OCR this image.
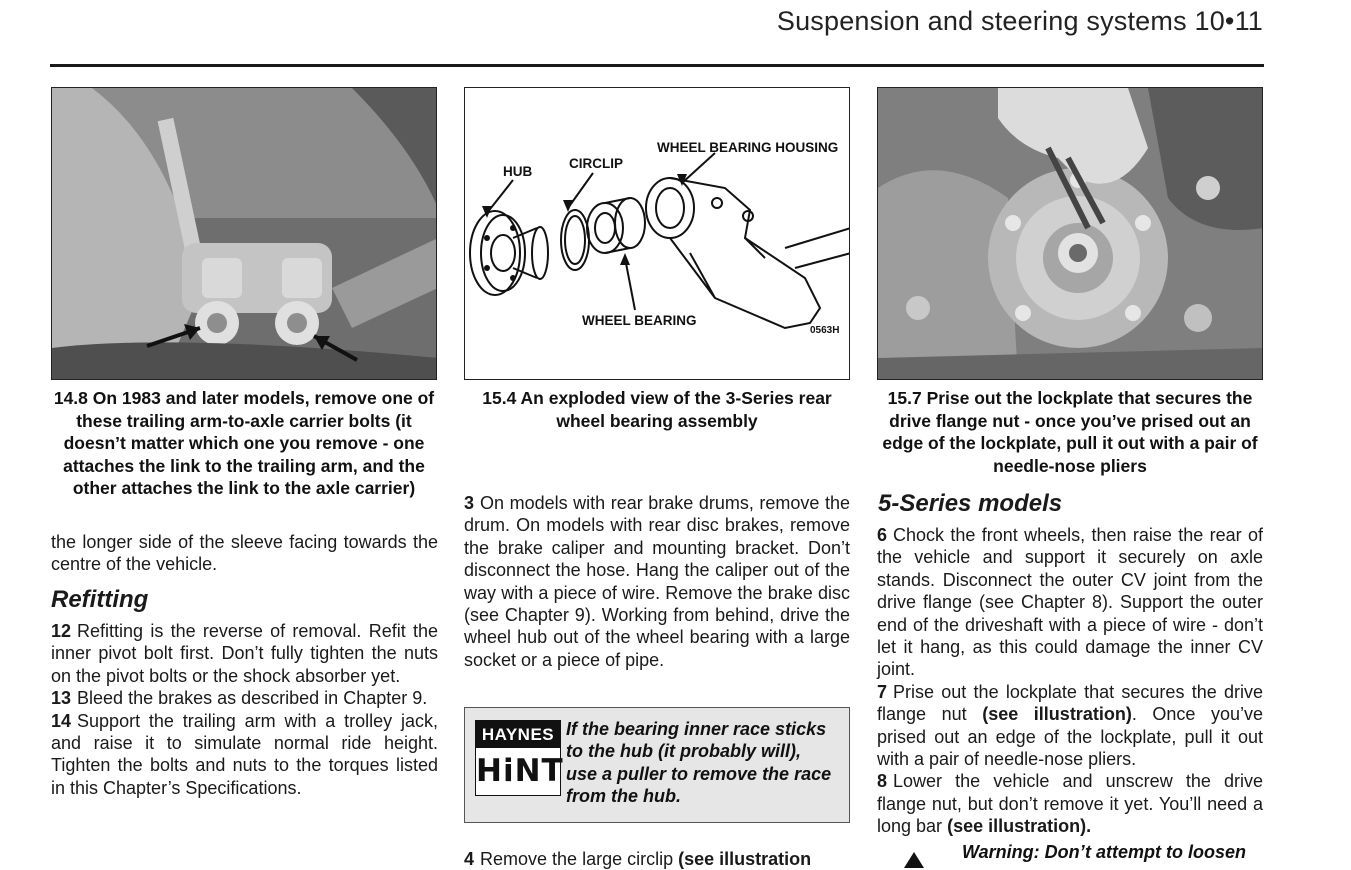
Suspension and steering systems 10•11
14.8 On 1983 and later models, remove one of these trailing arm-to-axle carrier bolts (it doesn’t matter which one you remove - one attaches the link to the trailing arm, and the other attaches the link to the axle carrier)
HUB
CIRCLIP
WHEEL BEARING HOUSING
WHEEL BEARING
0563H
15.4 An exploded view of the 3-Series rear wheel bearing assembly
15.7 Prise out the lockplate that secures the drive flange nut - once you’ve prised out an edge of the lockplate, pull it out with a pair of needle-nose pliers

the longer side of the sleeve facing towards the centre of the vehicle.

Refitting

12 Refitting is the reverse of removal. Refit the inner pivot bolt first. Don’t fully tighten the nuts on the pivot bolts or the shock absorber yet.

13 Bleed the brakes as described in Chapter 9.

14 Support the trailing arm with a trolley jack, and raise it to simulate normal ride height. Tighten the bolts and nuts to the torques listed in this Chapter’s Specifications.

3 On models with rear brake drums, remove the drum. On models with rear disc brakes, remove the brake caliper and mounting bracket. Don’t disconnect the hose. Hang the caliper out of the way with a piece of wire. Remove the brake disc (see Chapter 9). Working from behind, drive the wheel hub out of the wheel bearing with a large socket or a piece of pipe.

HAYNES
HiNT
If the bearing inner race sticks to the hub (it probably will), use a puller to remove the race from the hub.

4 Remove the large circlip (see illustration

5-Series models

6 Chock the front wheels, then raise the rear of the vehicle and support it securely on axle stands. Disconnect the outer CV joint from the drive flange (see Chapter 8). Support the outer end of the driveshaft with a piece of wire - don’t let it hang, as this could damage the inner CV joint.

7 Prise out the lockplate that secures the drive flange nut (see illustration). Once you’ve prised out an edge of the lockplate, pull it out with a pair of needle-nose pliers.

8 Lower the vehicle and unscrew the drive flange nut, but don’t remove it yet. You’ll need a long bar (see illustration).

Warning: Don’t attempt to loosen
